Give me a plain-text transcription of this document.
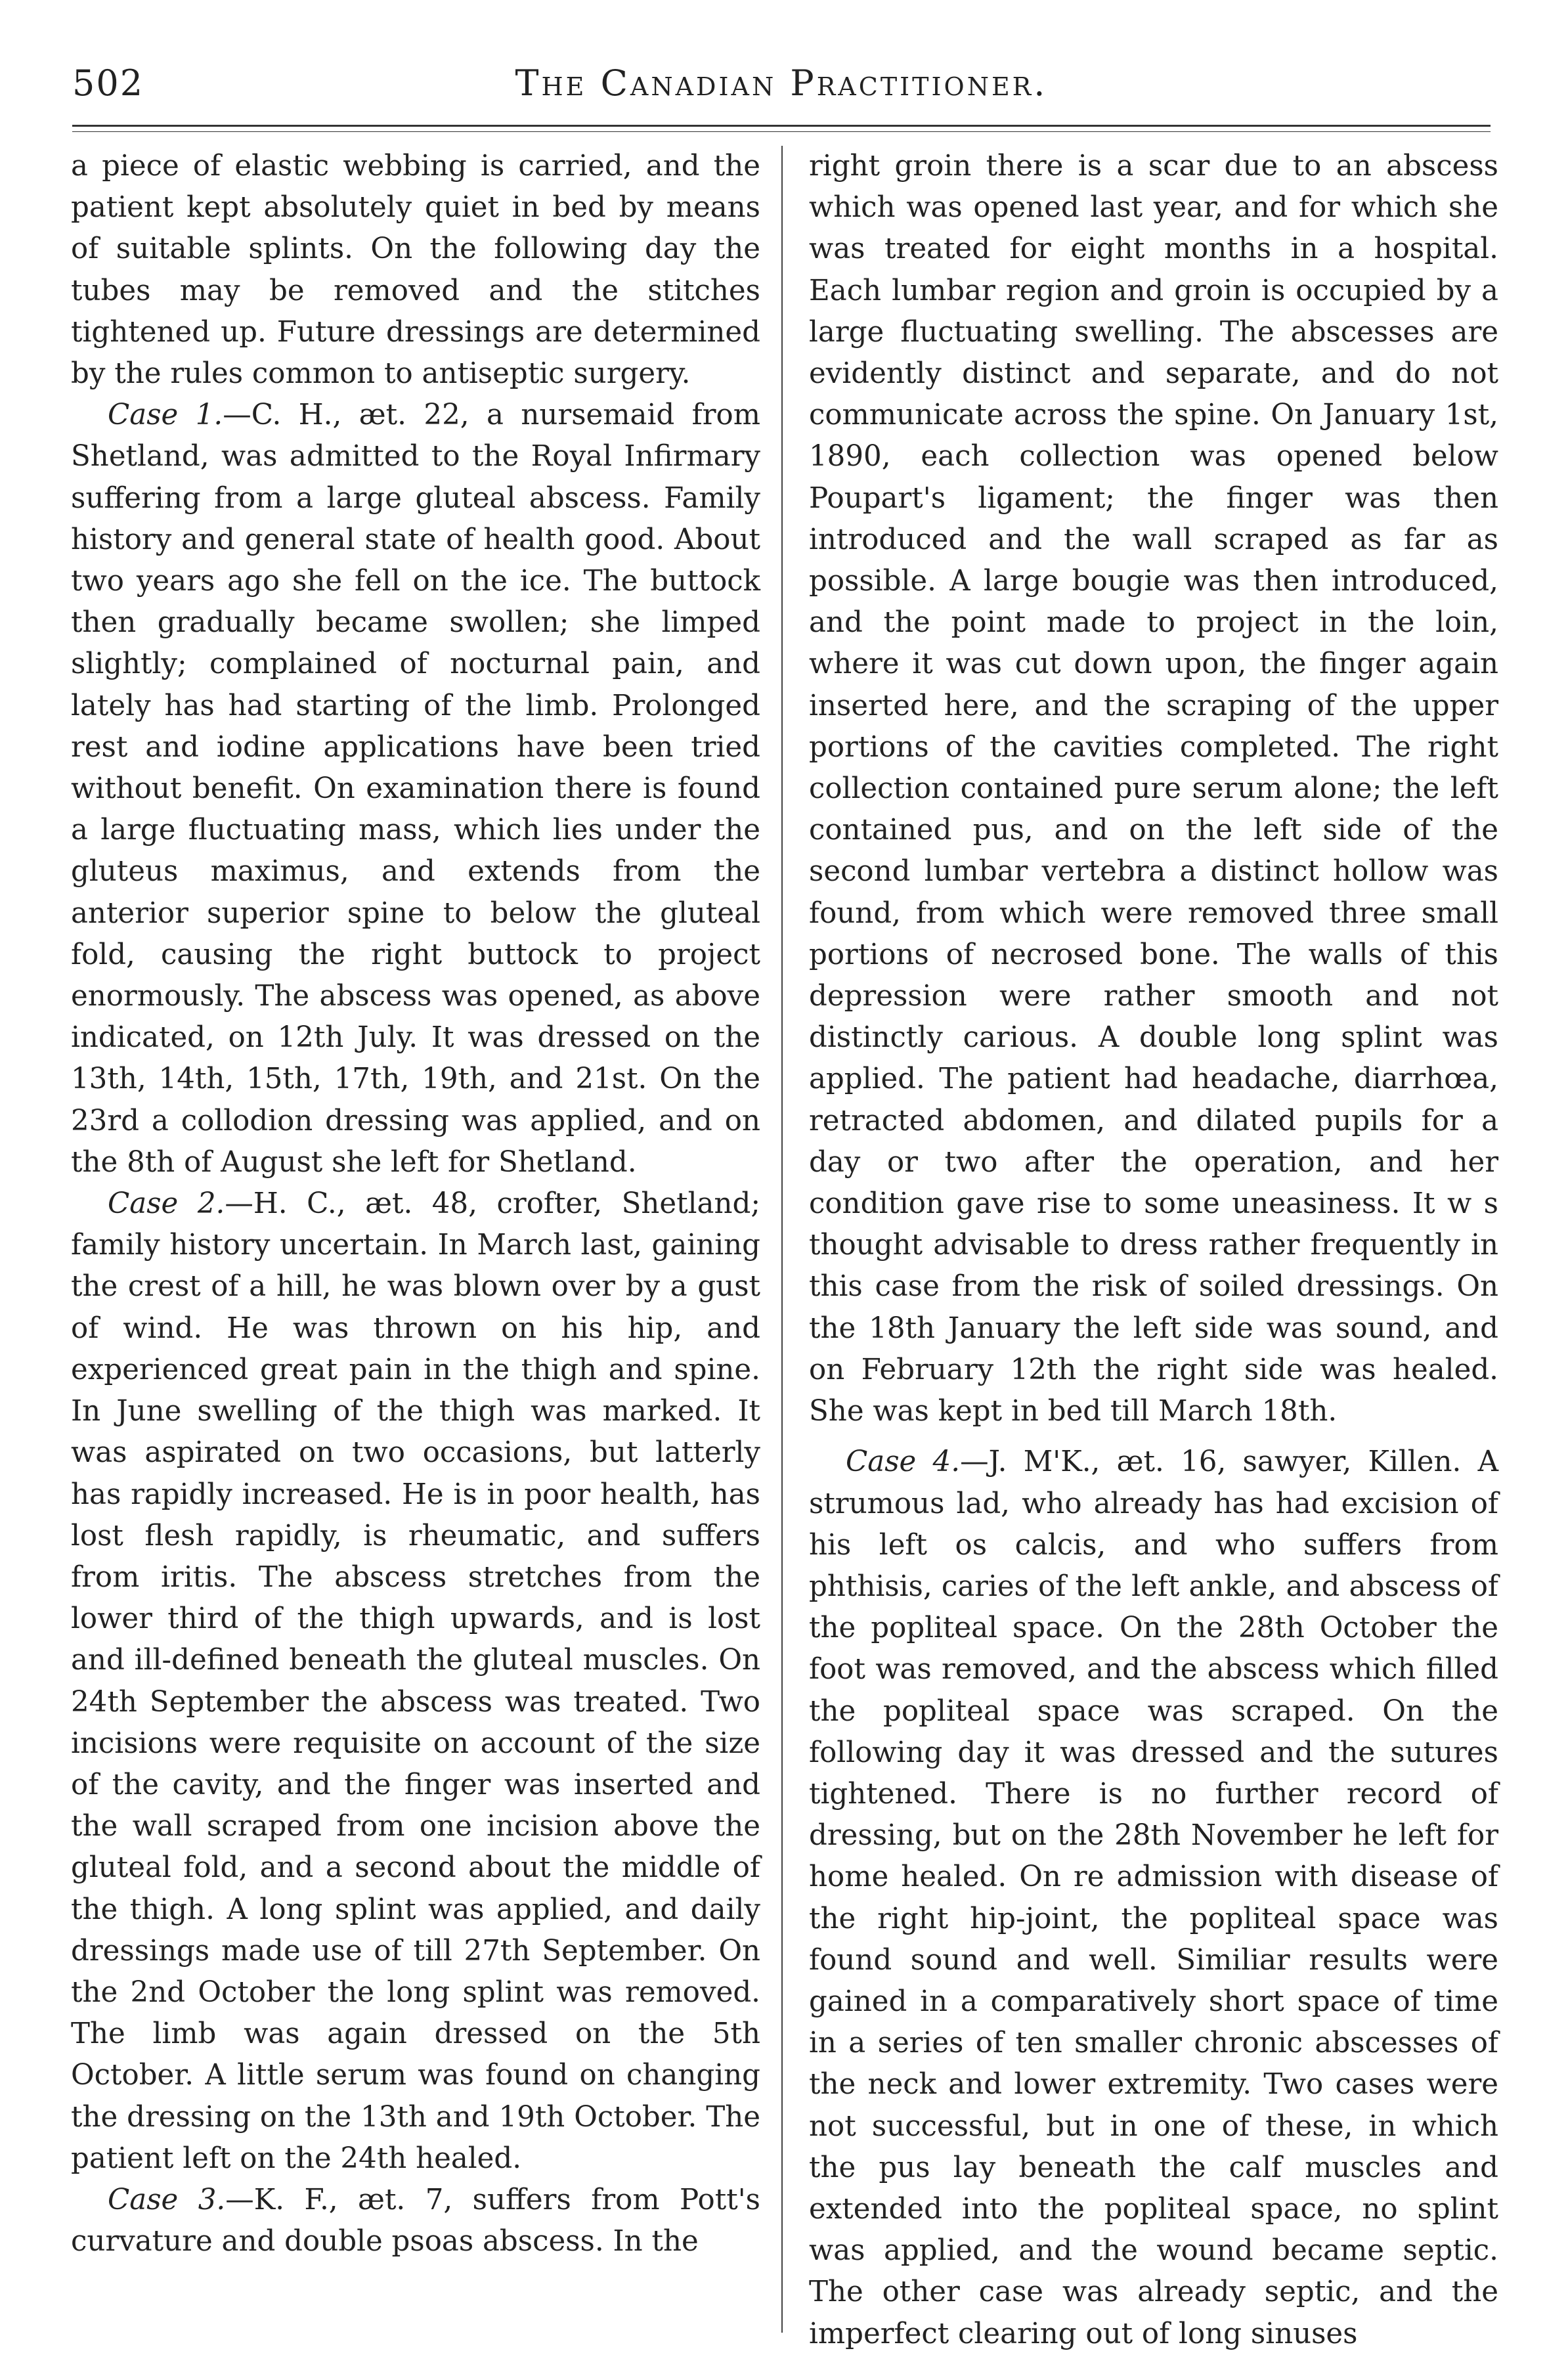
502	The Canadian Practitioner.

a piece of elastic webbing is carried, and the patient kept absolutely quiet in bed by means of suitable splints. On the following day the tubes may be removed and the stitches tightened up. Future dressings are determined by the rules common to antiseptic surgery.

Case 1.—C. H., æt. 22, a nursemaid from Shetland, was admitted to the Royal Infirmary suffering from a large gluteal abscess. Family history and general state of health good. About two years ago she fell on the ice. The buttock then gradually became swollen; she limped slightly; complained of nocturnal pain, and lately has had starting of the limb. Prolonged rest and iodine applications have been tried without benefit. On examination there is found a large fluctuating mass, which lies under the gluteus maximus, and extends from the anterior superior spine to below the gluteal fold, causing the right buttock to project enormously. The abscess was opened, as above indicated, on 12th July. It was dressed on the 13th, 14th, 15th, 17th, 19th, and 21st. On the 23rd a collodion dressing was applied, and on the 8th of August she left for Shetland.

Case 2.—H. C., æt. 48, crofter, Shetland; family history uncertain. In March last, gaining the crest of a hill, he was blown over by a gust of wind. He was thrown on his hip, and experienced great pain in the thigh and spine. In June swelling of the thigh was marked. It was aspirated on two occasions, but latterly has rapidly increased. He is in poor health, has lost flesh rapidly, is rheumatic, and suffers from iritis. The abscess stretches from the lower third of the thigh upwards, and is lost and ill-defined beneath the gluteal muscles. On 24th September the abscess was treated. Two incisions were requisite on account of the size of the cavity, and the finger was inserted and the wall scraped from one incision above the gluteal fold, and a second about the middle of the thigh. A long splint was applied, and daily dressings made use of till 27th September. On the 2nd October the long splint was removed. The limb was again dressed on the 5th October. A little serum was found on changing the dressing on the 13th and 19th October. The patient left on the 24th healed.

Case 3.—K. F., æt. 7, suffers from Pott's curvature and double psoas abscess. In the

right groin there is a scar due to an abscess which was opened last year, and for which she was treated for eight months in a hospital. Each lumbar region and groin is occupied by a large fluctuating swelling. The abscesses are evidently distinct and separate, and do not communicate across the spine. On January 1st, 1890, each collection was opened below Poupart's ligament; the finger was then introduced and the wall scraped as far as possible. A large bougie was then introduced, and the point made to project in the loin, where it was cut down upon, the finger again inserted here, and the scraping of the upper portions of the cavities completed. The right collection contained pure serum alone; the left contained pus, and on the left side of the second lumbar vertebra a distinct hollow was found, from which were removed three small portions of necrosed bone. The walls of this depression were rather smooth and not distinctly carious. A double long splint was applied. The patient had headache, diarrhœa, retracted abdomen, and dilated pupils for a day or two after the operation, and her condition gave rise to some uneasiness. It w s thought advisable to dress rather frequently in this case from the risk of soiled dressings. On the 18th January the left side was sound, and on February 12th the right side was healed. She was kept in bed till March 18th.

Case 4.—J. M'K., æt. 16, sawyer, Killen. A strumous lad, who already has had excision of his left os calcis, and who suffers from phthisis, caries of the left ankle, and abscess of the popliteal space. On the 28th October the foot was removed, and the abscess which filled the popliteal space was scraped. On the following day it was dressed and the sutures tightened. There is no further record of dressing, but on the 28th November he left for home healed. On re admission with disease of the right hip-joint, the popliteal space was found sound and well. Similiar results were gained in a comparatively short space of time in a series of ten smaller chronic abscesses of the neck and lower extremity. Two cases were not successful, but in one of these, in which the pus lay beneath the calf muscles and extended into the popliteal space, no splint was applied, and the wound became septic. The other case was already septic, and the imperfect clearing out of long sinuses
